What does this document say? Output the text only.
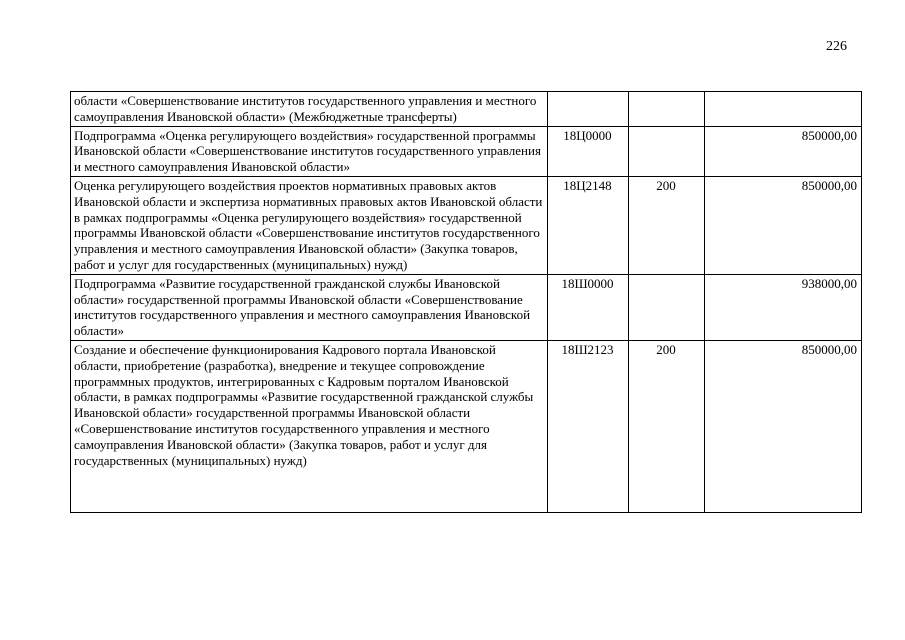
226
области «Совершенствование институтов государственного управления и местного самоуправления Ивановской области» (Межбюджетные трансферты)			
Подпрограмма «Оценка регулирующего воздействия» государственной программы Ивановской области «Совершенствование институтов государственного управления и местного самоуправления Ивановской области»	18Ц0000		850000,00
Оценка регулирующего воздействия проектов нормативных правовых актов Ивановской области и экспертиза нормативных правовых актов Ивановской области в рамках подпрограммы «Оценка регулирующего воздействия» государственной программы Ивановской области «Совершенствование институтов государственного управления и местного самоуправления Ивановской области» (Закупка товаров, работ и услуг для государственных (муниципальных) нужд)	18Ц2148	200	850000,00
Подпрограмма «Развитие государственной гражданской службы Ивановской области» государственной программы Ивановской области «Совершенствование институтов государственного управления и местного самоуправления Ивановской области»	18Ш0000		938000,00
Создание и обеспечение функционирования Кадрового портала Ивановской области, приобретение (разработка), внедрение и текущее сопровождение программных продуктов, интегрированных с Кадровым порталом Ивановской области, в рамках подпрограммы «Развитие государственной гражданской службы Ивановской области» государственной программы Ивановской области «Совершенствование институтов государственного управления и местного самоуправления Ивановской области» (Закупка товаров, работ и услуг для государственных (муниципальных) нужд)	18Ш2123	200	850000,00
